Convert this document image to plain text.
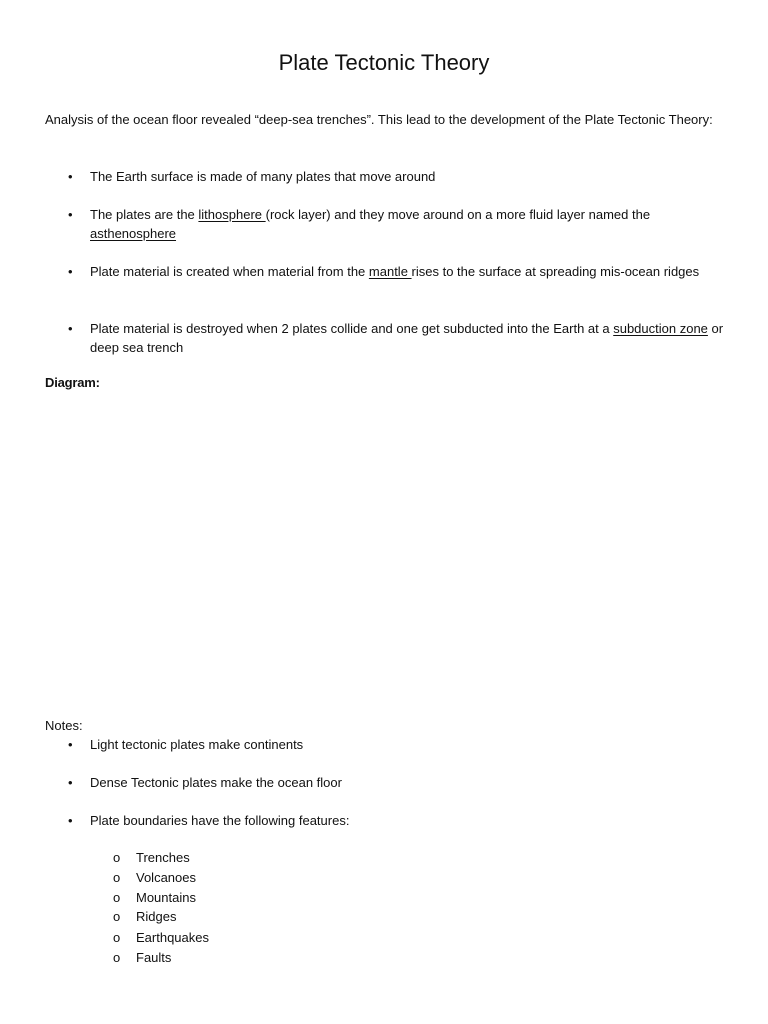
Plate Tectonic Theory
Analysis of the ocean floor revealed “deep-sea trenches”. This lead to the development of the Plate Tectonic Theory:
• The Earth surface is made of many plates that move around
• The plates are the lithosphere (rock layer) and they move around on a more fluid layer named the asthenosphere
• Plate material is created when material from the mantle rises to the surface at spreading mis-ocean ridges
• Plate material is destroyed when 2 plates collide and one get subducted into the Earth at a subduction zone or deep sea trench
Diagram:
Notes:
• Light tectonic plates make continents
• Dense Tectonic plates make the ocean floor
• Plate boundaries have the following features:
o Trenches
o Volcanoes
o Mountains
o Ridges
o Earthquakes
o Faults
